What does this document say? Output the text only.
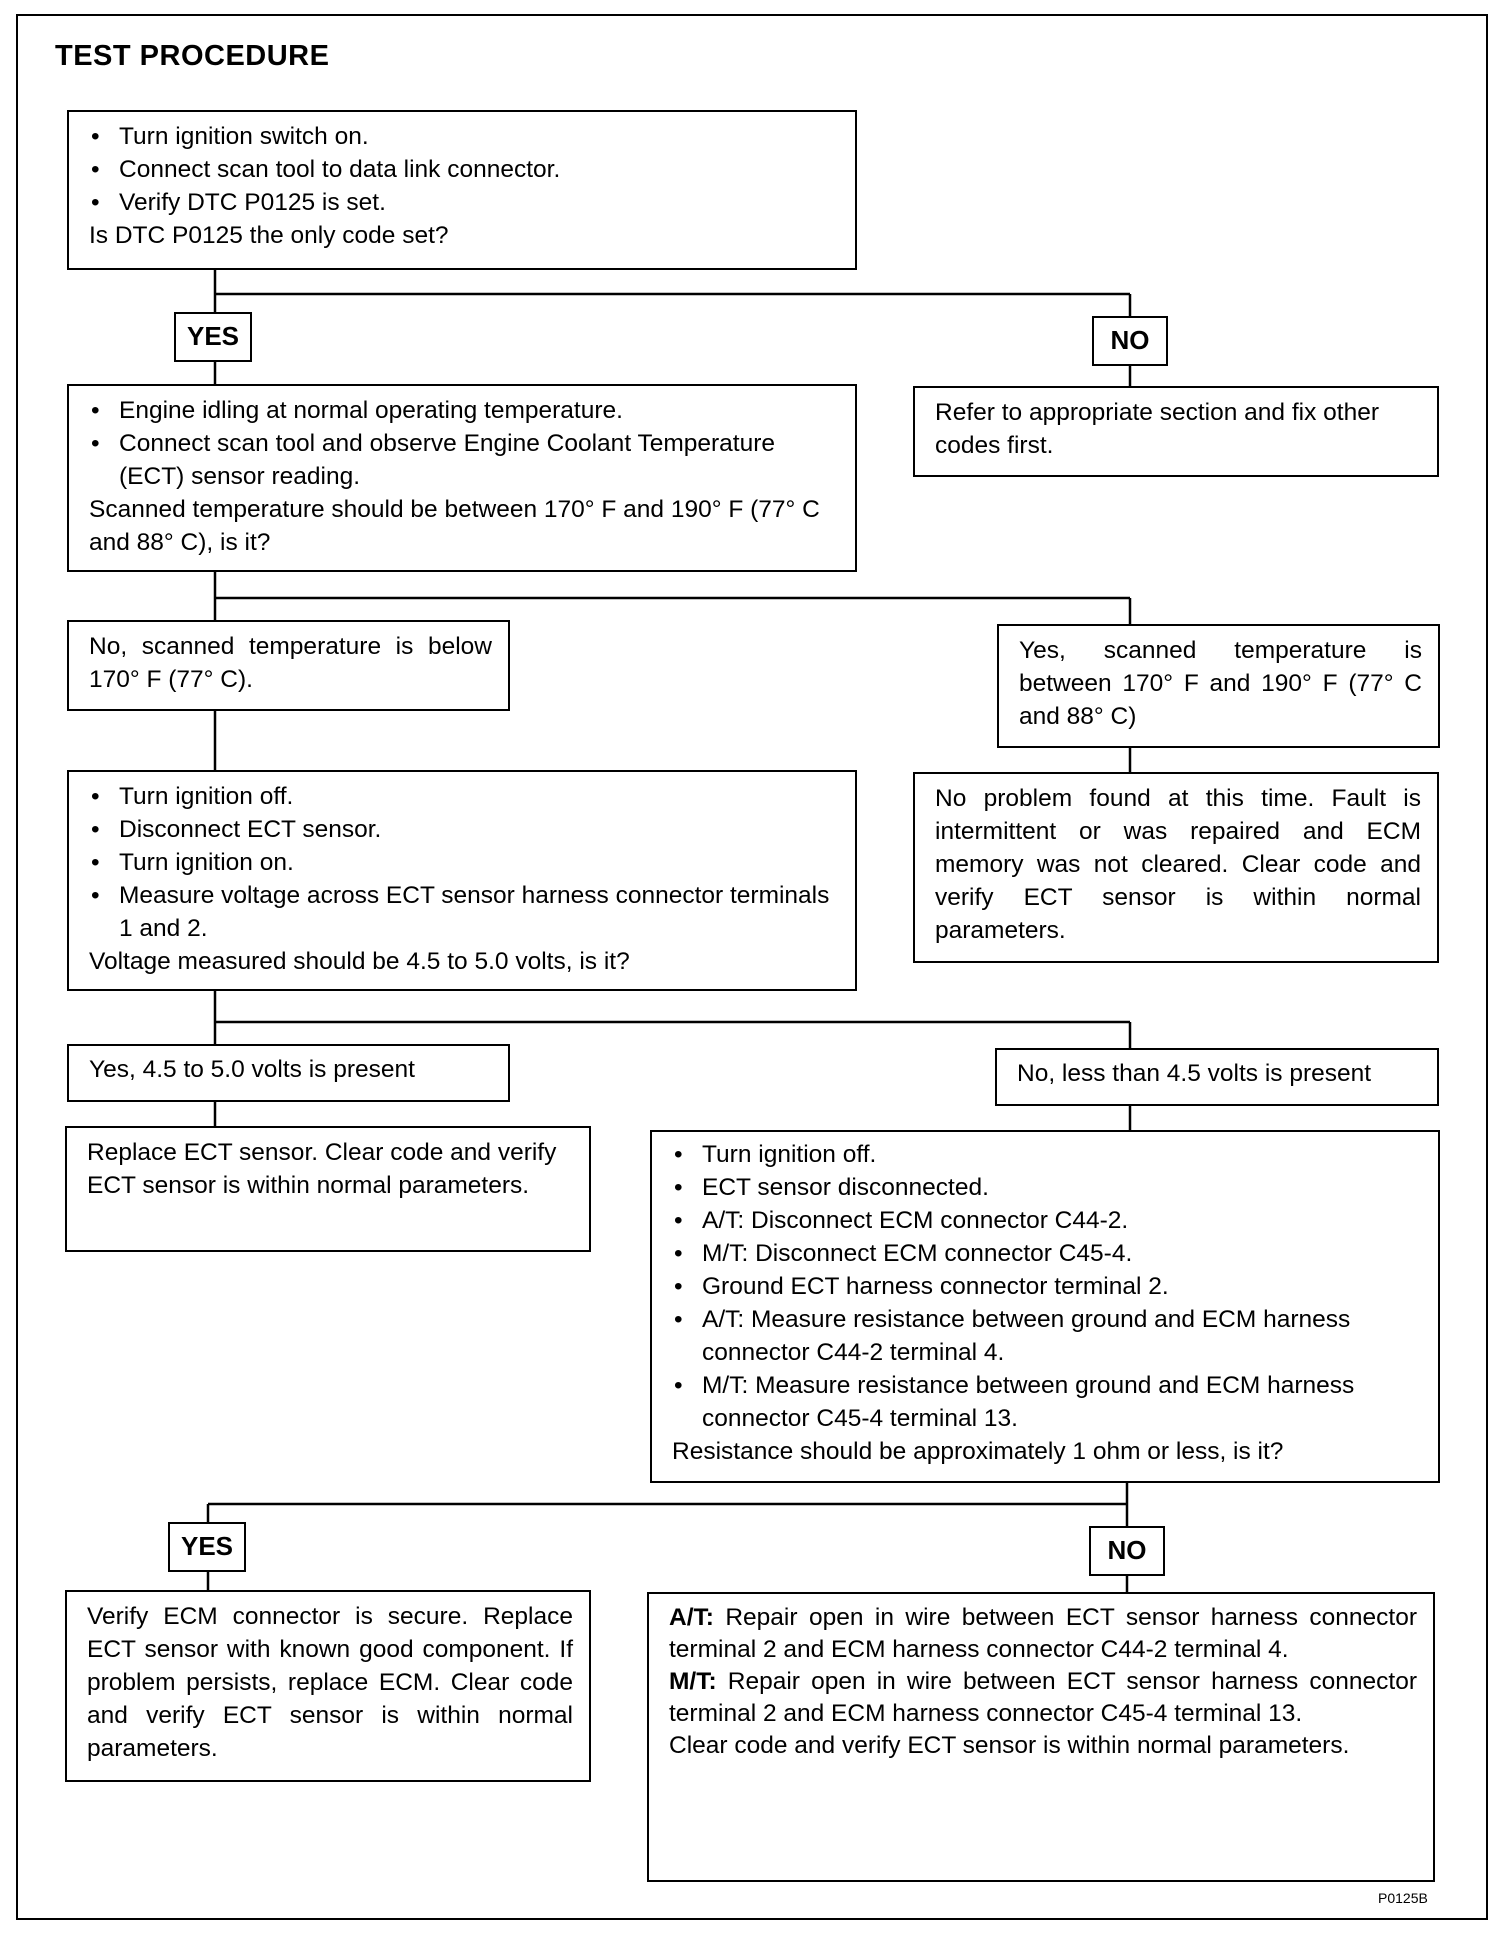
TEST PROCEDURE
• Turn ignition switch on.
• Connect scan tool to data link connector.
• Verify DTC P0125 is set.

Is DTC P0125 the only code set?

YES	NO

Refer to appropriate section and fix other codes first.

• Engine idling at normal operating temperature.
• Connect scan tool and observe Engine Coolant Temperature (ECT) sensor reading.

Scanned temperature should be between 170° F and 190° F (77° C and 88° C), is it?

No, scanned temperature is below 170° F (77° C).

Yes, scanned temperature is between 170° F and 190° F (77° C and 88° C)

No problem found at this time. Fault is intermittent or was repaired and ECM memory was not cleared. Clear code and verify ECT sensor is within normal parameters.

• Turn ignition off.
• Disconnect ECT sensor.
• Turn ignition on.
• Measure voltage across ECT sensor harness connector terminals 1 and 2.

Voltage measured should be 4.5 to 5.0 volts, is it?

Yes, 4.5 to 5.0 volts is present	No, less than 4.5 volts is present

Replace ECT sensor. Clear code and verify ECT sensor is within normal parameters.

• Turn ignition off.
• ECT sensor disconnected.
• A/T: Disconnect ECM connector C44-2.
• M/T: Disconnect ECM connector C45-4.
• Ground ECT harness connector terminal 2.
• A/T: Measure resistance between ground and ECM harness connector C44-2 terminal 4.
• M/T: Measure resistance between ground and ECM harness connector C45-4 terminal 13.

Resistance should be approximately 1 ohm or less, is it?

YES	NO

Verify ECM connector is secure. Replace ECT sensor with known good component. If problem persists, replace ECM. Clear code and verify ECT sensor is within normal parameters.

A/T: Repair open in wire between ECT sensor harness connector terminal 2 and ECM harness connector C44-2 terminal 4.

M/T: Repair open in wire between ECT sensor harness connector terminal 2 and ECM harness connector C45-4 terminal 13.

Clear code and verify ECT sensor is within normal parameters.

P0125B
